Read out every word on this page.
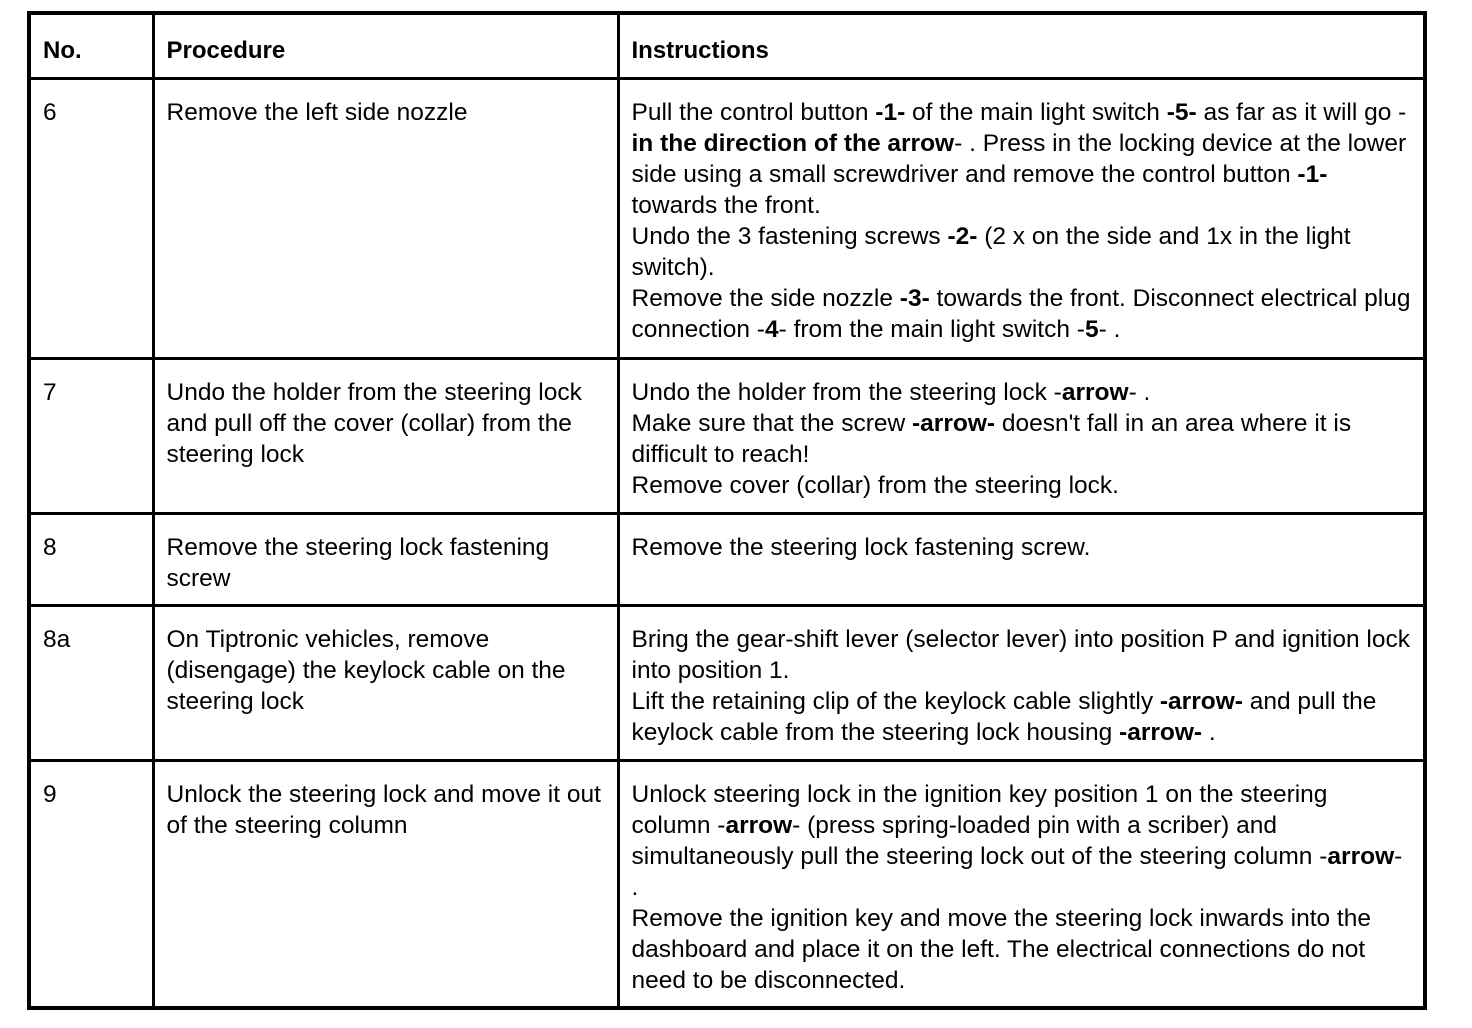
No.	Procedure	Instructions
6	Remove the left side nozzle	Pull the control button -1- of the main light switch -5- as far as it will go -in the direction of the arrow- . Press in the locking device at the lower side using a small screwdriver and remove the control button -1- towards the front.
Undo the 3 fastening screws -2- (2 x on the side and 1x in the light switch).
Remove the side nozzle -3- towards the front. Disconnect electrical plug connection -4- from the main light switch -5- .

7	Undo the holder from the steering lock and pull off the cover (collar) from the steering lock	Undo the holder from the steering lock -arrow- .
Make sure that the screw -arrow- doesn't fall in an area where it is difficult to reach!
Remove cover (collar) from the steering lock.

8	Remove the steering lock fastening screw	Remove the steering lock fastening screw.

8a	On Tiptronic vehicles, remove (disengage) the keylock cable on the steering lock	Bring the gear-shift lever (selector lever) into position P and ignition lock into position 1.
Lift the retaining clip of the keylock cable slightly -arrow- and pull the keylock cable from the steering lock housing -arrow- .

9	Unlock the steering lock and move it out of the steering column	Unlock steering lock in the ignition key position 1 on the steering column -arrow- (press spring-loaded pin with a scriber) and simultaneously pull the steering lock out of the steering column -arrow- .
Remove the ignition key and move the steering lock inwards into the dashboard and place it on the left. The electrical connections do not need to be disconnected.
